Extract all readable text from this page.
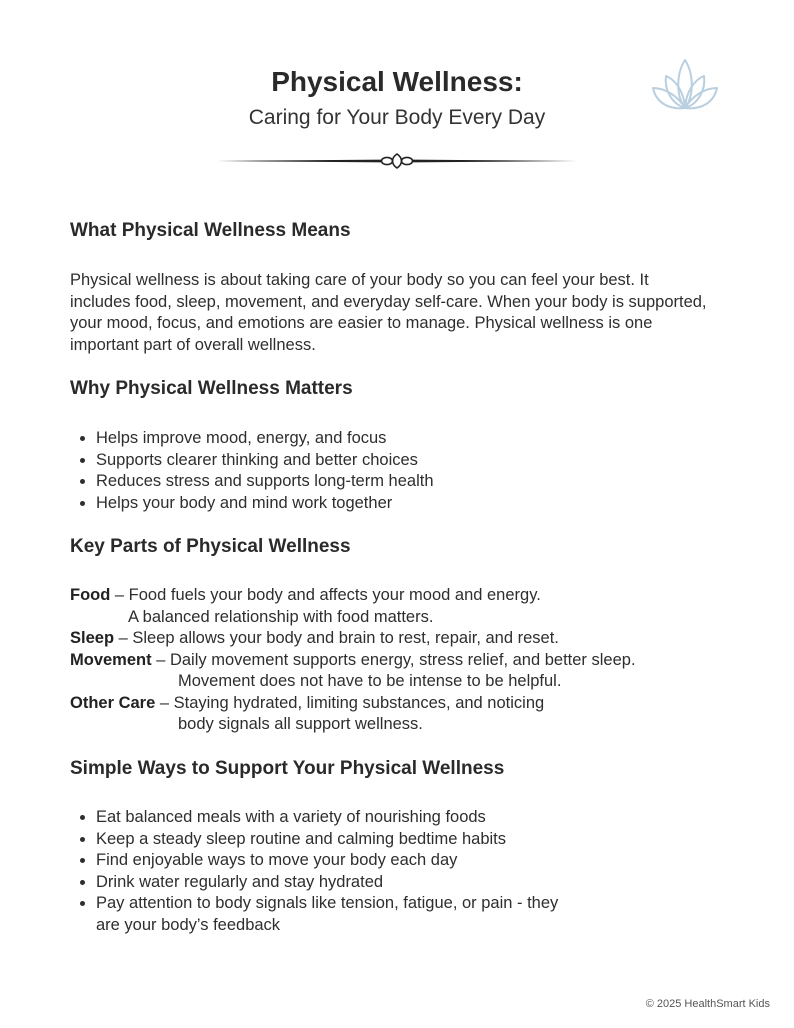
Physical Wellness:
Caring for Your Body Every Day
What Physical Wellness Means
Physical wellness is about taking care of your body so you can feel your best. It includes food, sleep, movement, and everyday self-care. When your body is supported, your mood, focus, and emotions are easier to manage. Physical wellness is one important part of overall wellness.
Why Physical Wellness Matters
• Helps improve mood, energy, and focus
• Supports clearer thinking and better choices
• Reduces stress and supports long-term health
• Helps your body and mind work together
Key Parts of Physical Wellness
Food – Food fuels your body and affects your mood and energy.
A balanced relationship with food matters.
Sleep – Sleep allows your body and brain to rest, repair, and reset.
Movement – Daily movement supports energy, stress relief, and better sleep.
Movement does not have to be intense to be helpful.
Other Care – Staying hydrated, limiting substances, and noticing
body signals all support wellness.
Simple Ways to Support Your Physical Wellness
• Eat balanced meals with a variety of nourishing foods
• Keep a steady sleep routine and calming bedtime habits
• Find enjoyable ways to move your body each day
• Drink water regularly and stay hydrated
• Pay attention to body signals like tension, fatigue, or pain - they are your body’s feedback
© 2025 HealthSmart Kids
